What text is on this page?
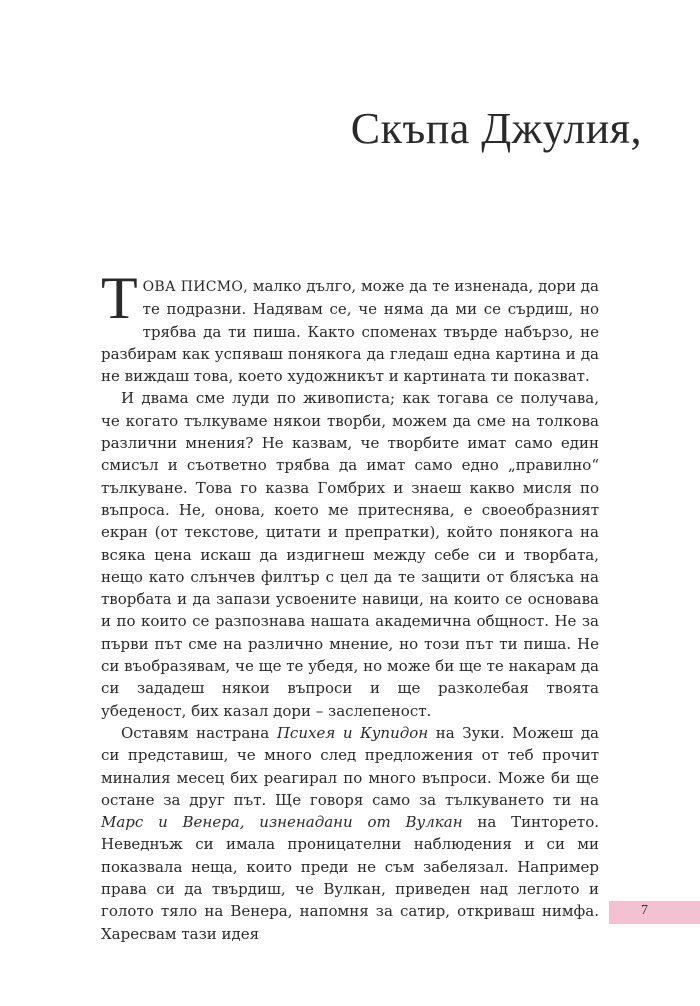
Скъпа Джулия,

ТОВА ПИСМО, малко дълго, може да те изненада, дори да те подразни. Надявам се, че няма да ми се сърдиш, но трябва да ти пиша. Както споменах твърде набързо, не разбирам как успяваш понякога да гледаш една картина и да не виждаш това, което художникът и картината ти показват.

И двама сме луди по живописта; как тогава се получава, че когато тълкуваме някои творби, можем да сме на толкова различни мнения? Не казвам, че творбите имат само един смисъл и съответно трябва да имат само едно „правилно“ тълкуване. Това го казва Гомбрих и знаеш какво мисля по въпроса. Не, онова, което ме притеснява, е своеобразният екран (от текстове, цитати и препратки), който понякога на всяка цена искаш да издигнеш между себе си и творбата, нещо като слънчев филтър с цел да те защити от блясъка на творбата и да запази усвоените навици, на които се основава и по които се разпознава нашата академична общност. Не за първи път сме на различно мнение, но този път ти пиша. Не си въобразявам, че ще те убедя, но може би ще те накарам да си зададеш някои въпроси и ще разколебая твоята убеденост, бих казал дори – заслепеност.

Оставям настрана Психея и Купидон на Зуки. Можеш да си представиш, че много след предложения от теб прочит миналия месец бих реагирал по много въпроси. Може би ще остане за друг път. Ще говоря само за тълкуването ти на Марс и Венера, изненадани от Вулкан на Тинторето. Неведнъж си имала проницателни наблюдения и си ми показвала неща, които преди не съм забелязал. Например права си да твърдиш, че Вулкан, приведен над леглото и голото тяло на Венера, напомня за сатир, откриваш нимфа. Харесвам тази идея

7
